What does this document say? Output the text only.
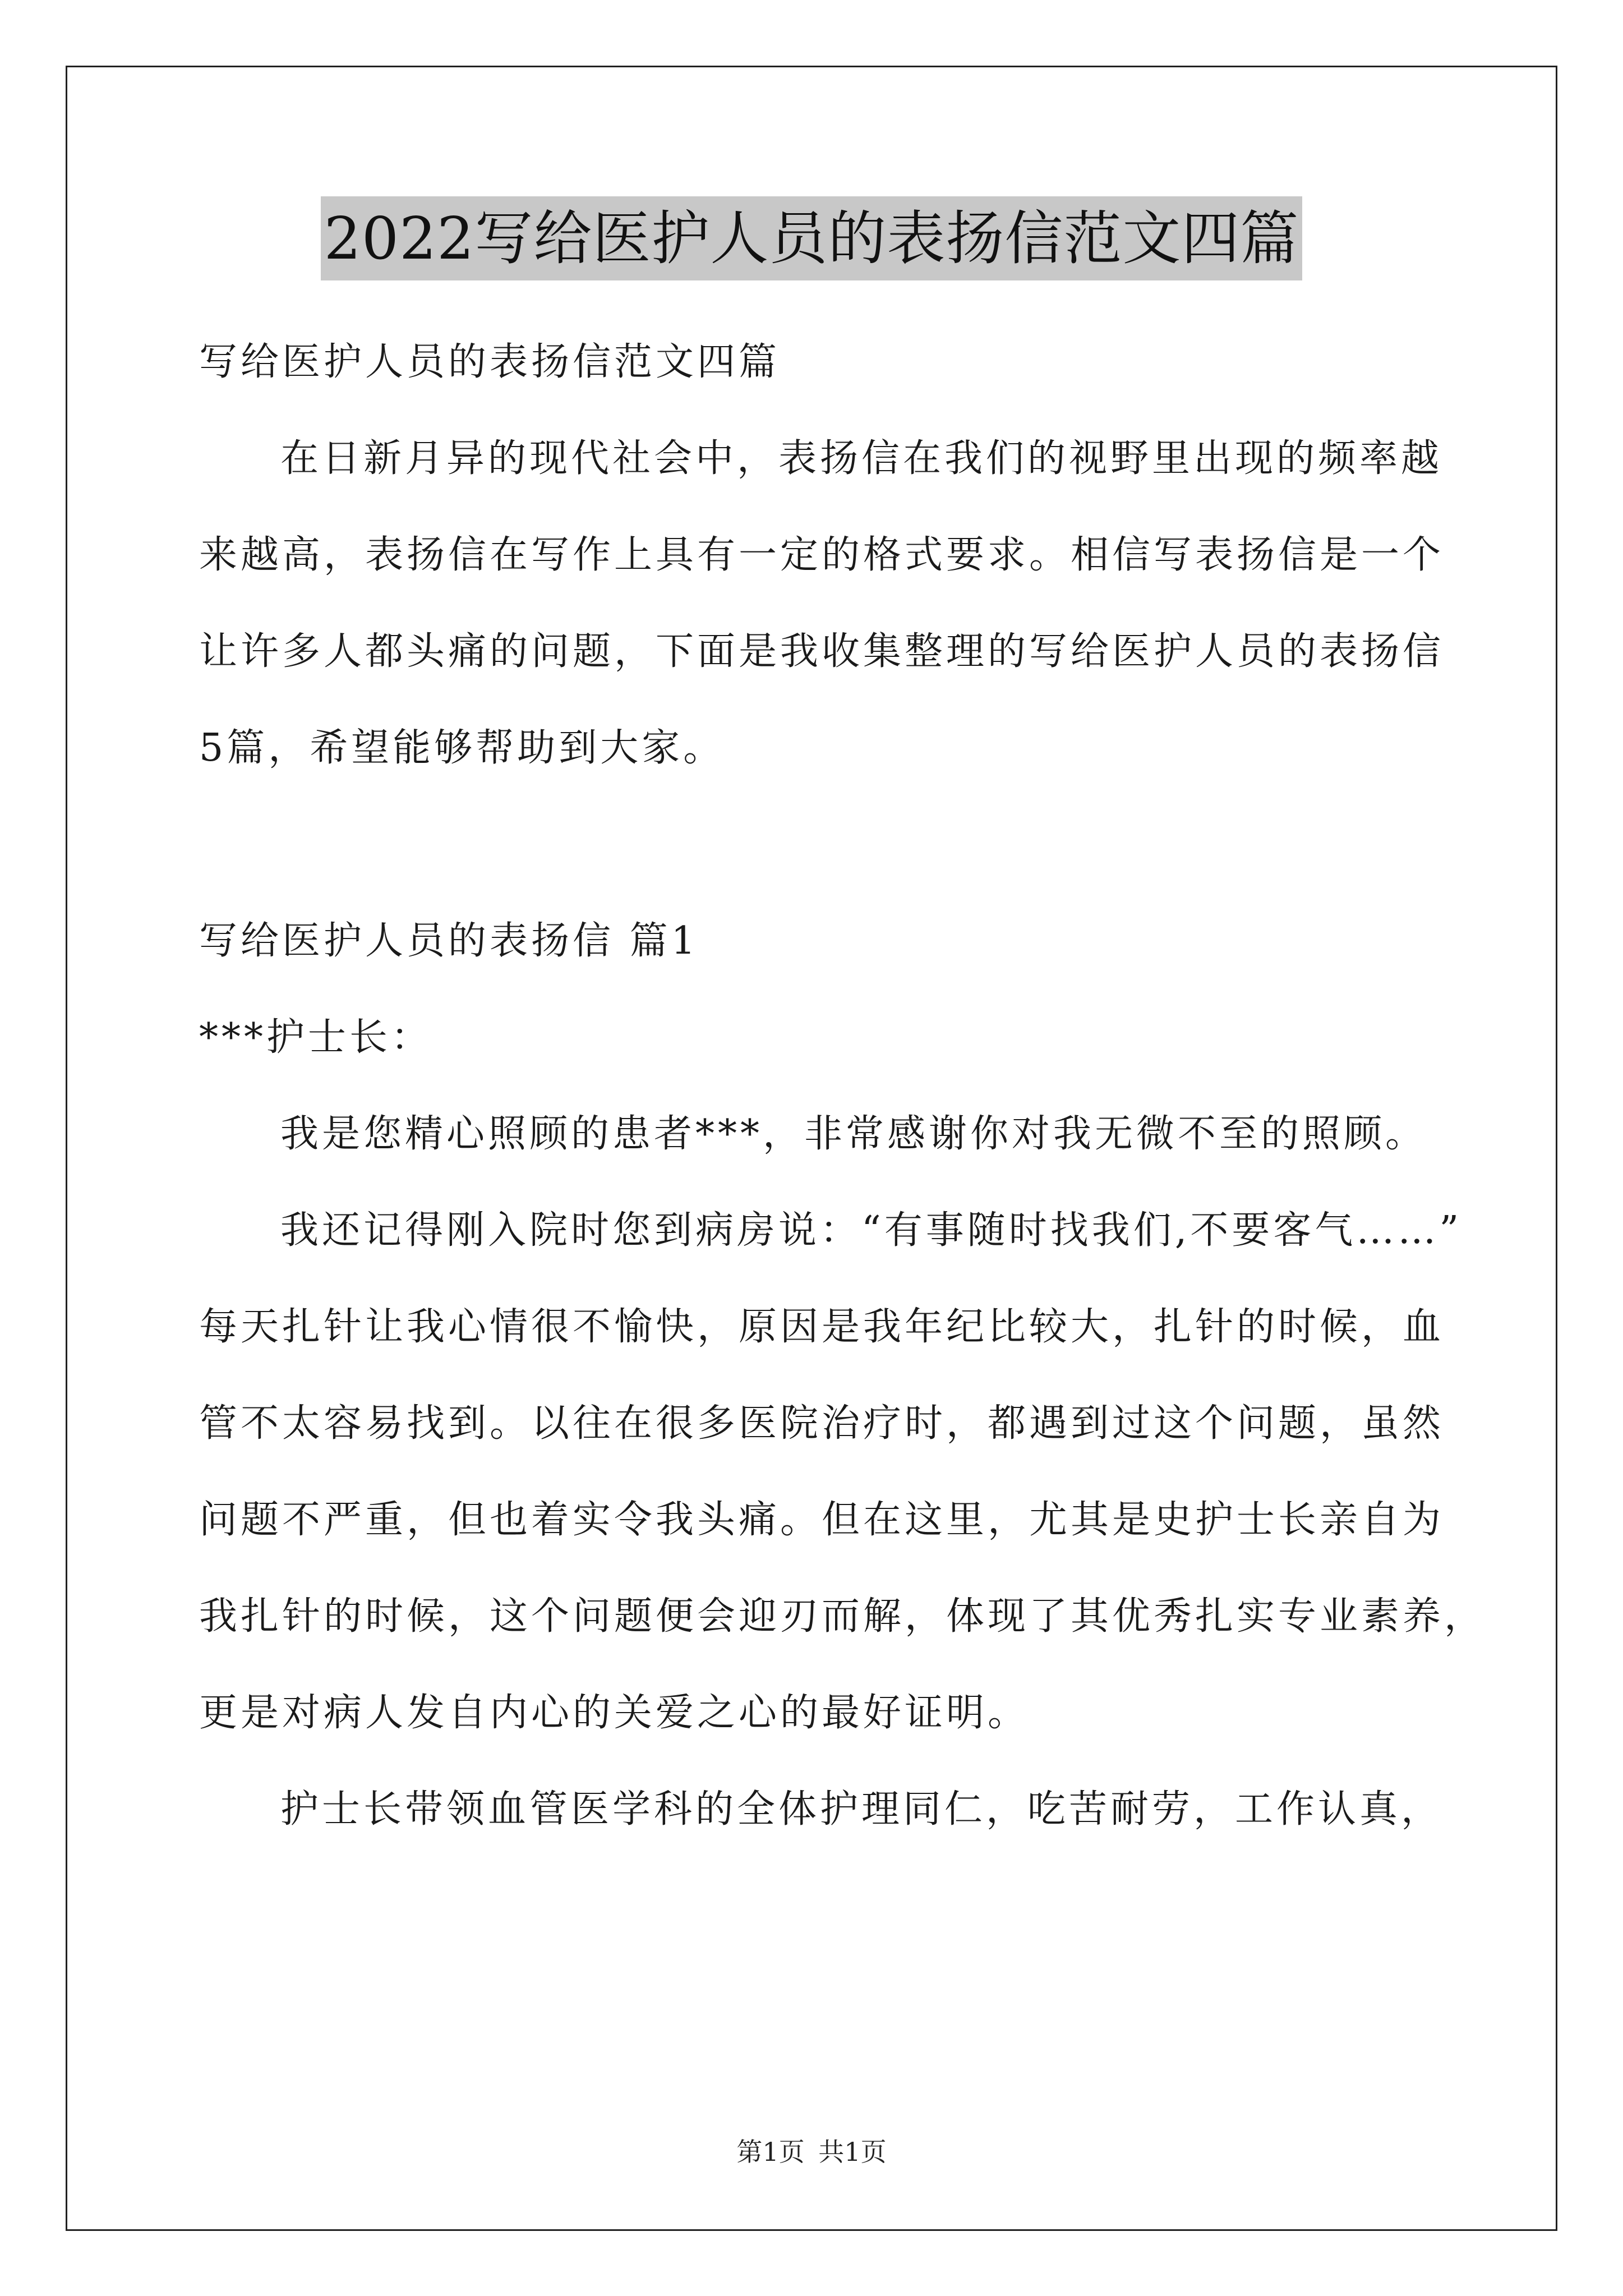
2022写给医护人员的表扬信范文四篇
写给医护人员的表扬信范文四篇
在日新月异的现代社会中，表扬信在我们的视野里出现的频率越
来越高，表扬信在写作上具有一定的格式要求。相信写表扬信是一个
让许多人都头痛的问题，下面是我收集整理的写给医护人员的表扬信
5篇，希望能够帮助到大家。
写给医护人员的表扬信 篇1
***护士长：
我是您精心照顾的患者***，非常感谢你对我无微不至的照顾。
我还记得刚入院时您到病房说：“有事随时找我们,不要客气……”
每天扎针让我心情很不愉快，原因是我年纪比较大，扎针的时候，血
管不太容易找到。以往在很多医院治疗时，都遇到过这个问题，虽然
问题不严重，但也着实令我头痛。但在这里，尤其是史护士长亲自为
我扎针的时候，这个问题便会迎刃而解，体现了其优秀扎实专业素养，
更是对病人发自内心的关爱之心的最好证明。
护士长带领血管医学科的全体护理同仁，吃苦耐劳，工作认真，
第1页 共1页
